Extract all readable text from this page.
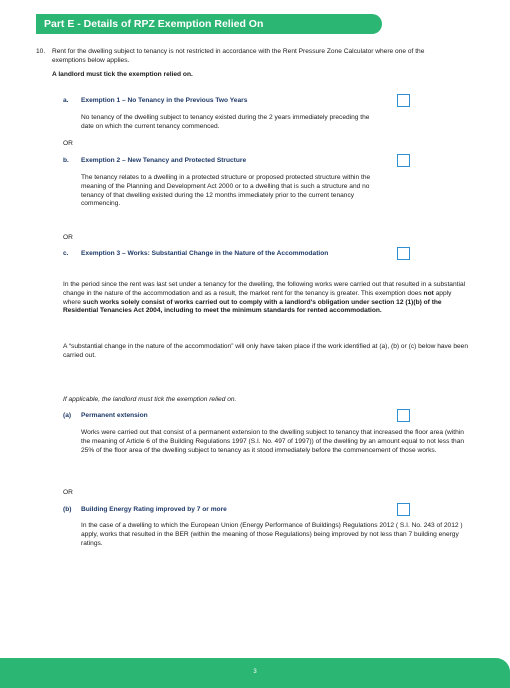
Part E - Details of RPZ Exemption Relied On
10. Rent for the dwelling subject to tenancy is not restricted in accordance with the Rent Pressure Zone Calculator where one of the exemptions below applies.
A landlord must tick the exemption relied on.
a. Exemption 1 – No Tenancy in the Previous Two Years
No tenancy of the dwelling subject to tenancy existed during the 2 years immediately preceding the date on which the current tenancy commenced.
OR
b. Exemption 2 – New Tenancy and Protected Structure
The tenancy relates to a dwelling in a protected structure or proposed protected structure within the meaning of the Planning and Development Act 2000 or to a dwelling that is such a structure and no tenancy of that dwelling existed during the 12 months immediately prior to the current tenancy commencing.
OR
c. Exemption 3 – Works: Substantial Change in the Nature of the Accommodation
In the period since the rent was last set under a tenancy for the dwelling, the following works were carried out that resulted in a substantial change in the nature of the accommodation and as a result, the market rent for the tenancy is greater. This exemption does not apply where such works solely consist of works carried out to comply with a landlord's obligation under section 12 (1)(b) of the Residential Tenancies Act 2004, including to meet the minimum standards for rented accommodation.
A “substantial change in the nature of the accommodation” will only have taken place if the work identified at (a), (b) or (c) below have been carried out.
If applicable, the landlord must tick the exemption relied on.
(a) Permanent extension
Works were carried out that consist of a permanent extension to the dwelling subject to tenancy that increased the floor area (within the meaning of Article 6 of the Building Regulations 1997 (S.I. No. 497 of 1997)) of the dwelling by an amount equal to not less than 25% of the floor area of the dwelling subject to tenancy as it stood immediately before the commencement of those works.
OR
(b) Building Energy Rating improved by 7 or more
In the case of a dwelling to which the European Union (Energy Performance of Buildings) Regulations 2012 ( S.I. No. 243 of 2012 ) apply, works that resulted in the BER (within the meaning of those Regulations) being improved by not less than 7 building energy ratings.
3
